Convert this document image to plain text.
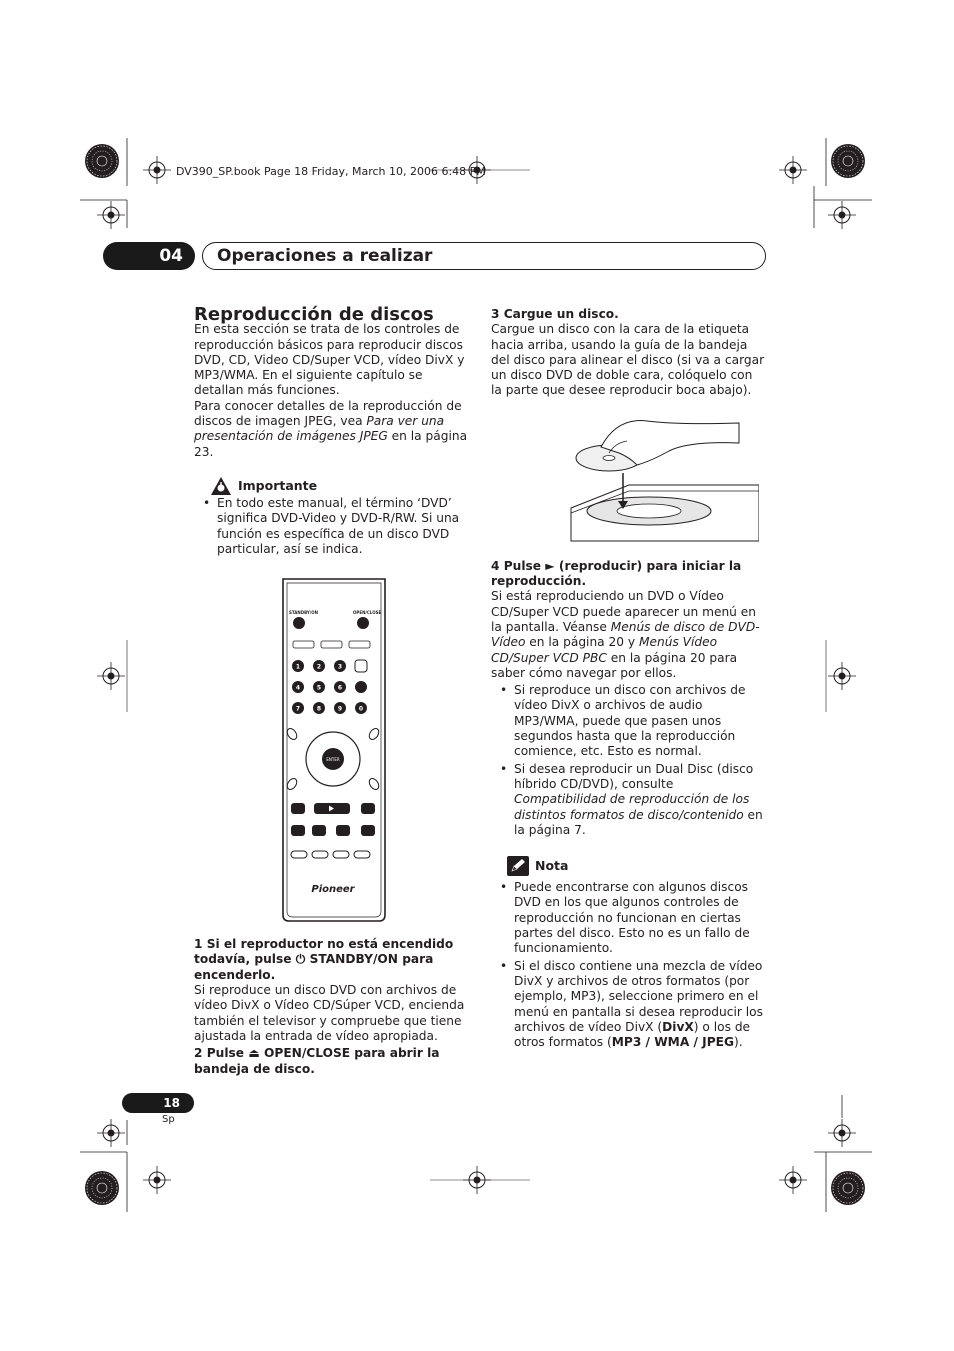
DV390_SP.book Page 18 Friday, March 10, 2006 6:48 PM
04	Operaciones a realizar
Reproducción de discos

En esta sección se trata de los controles de reproducción básicos para reproducir discos DVD, CD, Video CD/Super VCD, vídeo DivX y MP3/WMA. En el siguiente capítulo se detallan más funciones.

Para conocer detalles de la reproducción de discos de imagen JPEG, vea Para ver una presentación de imágenes JPEG en la página 23.

Importante
• En todo este manual, el término ‘DVD’ significa DVD-Video y DVD-R/RW. Si una función es específica de un disco DVD particular, así se indica.
STANDBY/ON	OPEN/CLOSE
1	2	3
4	5	6
7	8	9	0
ENTER
Pioneer

1 Si el reproductor no está encendido todavía, pulse ⏻ STANDBY/ON para encenderlo.

Si reproduce un disco DVD con archivos de vídeo DivX o Vídeo CD/Súper VCD, encienda también el televisor y compruebe que tiene ajustada la entrada de vídeo apropiada.

2 Pulse ⏏ OPEN/CLOSE para abrir la bandeja de disco.

3 Cargue un disco.

Cargue un disco con la cara de la etiqueta hacia arriba, usando la guía de la bandeja del disco para alinear el disco (si va a cargar un disco DVD de doble cara, colóquelo con la parte que desee reproducir boca abajo).

4 Pulse ► (reproducir) para iniciar la reproducción.

Si está reproduciendo un DVD o Vídeo CD/Super VCD puede aparecer un menú en la pantalla. Véanse Menús de disco de DVD-Vídeo en la página 20 y Menús Vídeo CD/Super VCD PBC en la página 20 para saber cómo navegar por ellos.

• Si reproduce un disco con archivos de vídeo DivX o archivos de audio MP3/WMA, puede que pasen unos segundos hasta que la reproducción comience, etc. Esto es normal.
• Si desea reproducir un Dual Disc (disco híbrido CD/DVD), consulte Compatibilidad de reproducción de los distintos formatos de disco/contenido en la página 7.
Nota
• Puede encontrarse con algunos discos DVD en los que algunos controles de reproducción no funcionan en ciertas partes del disco. Esto no es un fallo de funcionamiento.
• Si el disco contiene una mezcla de vídeo DivX y archivos de otros formatos (por ejemplo, MP3), seleccione primero en el menú en pantalla si desea reproducir los archivos de vídeo DivX (DivX) o los de otros formatos (MP3 / WMA / JPEG).
18
Sp
